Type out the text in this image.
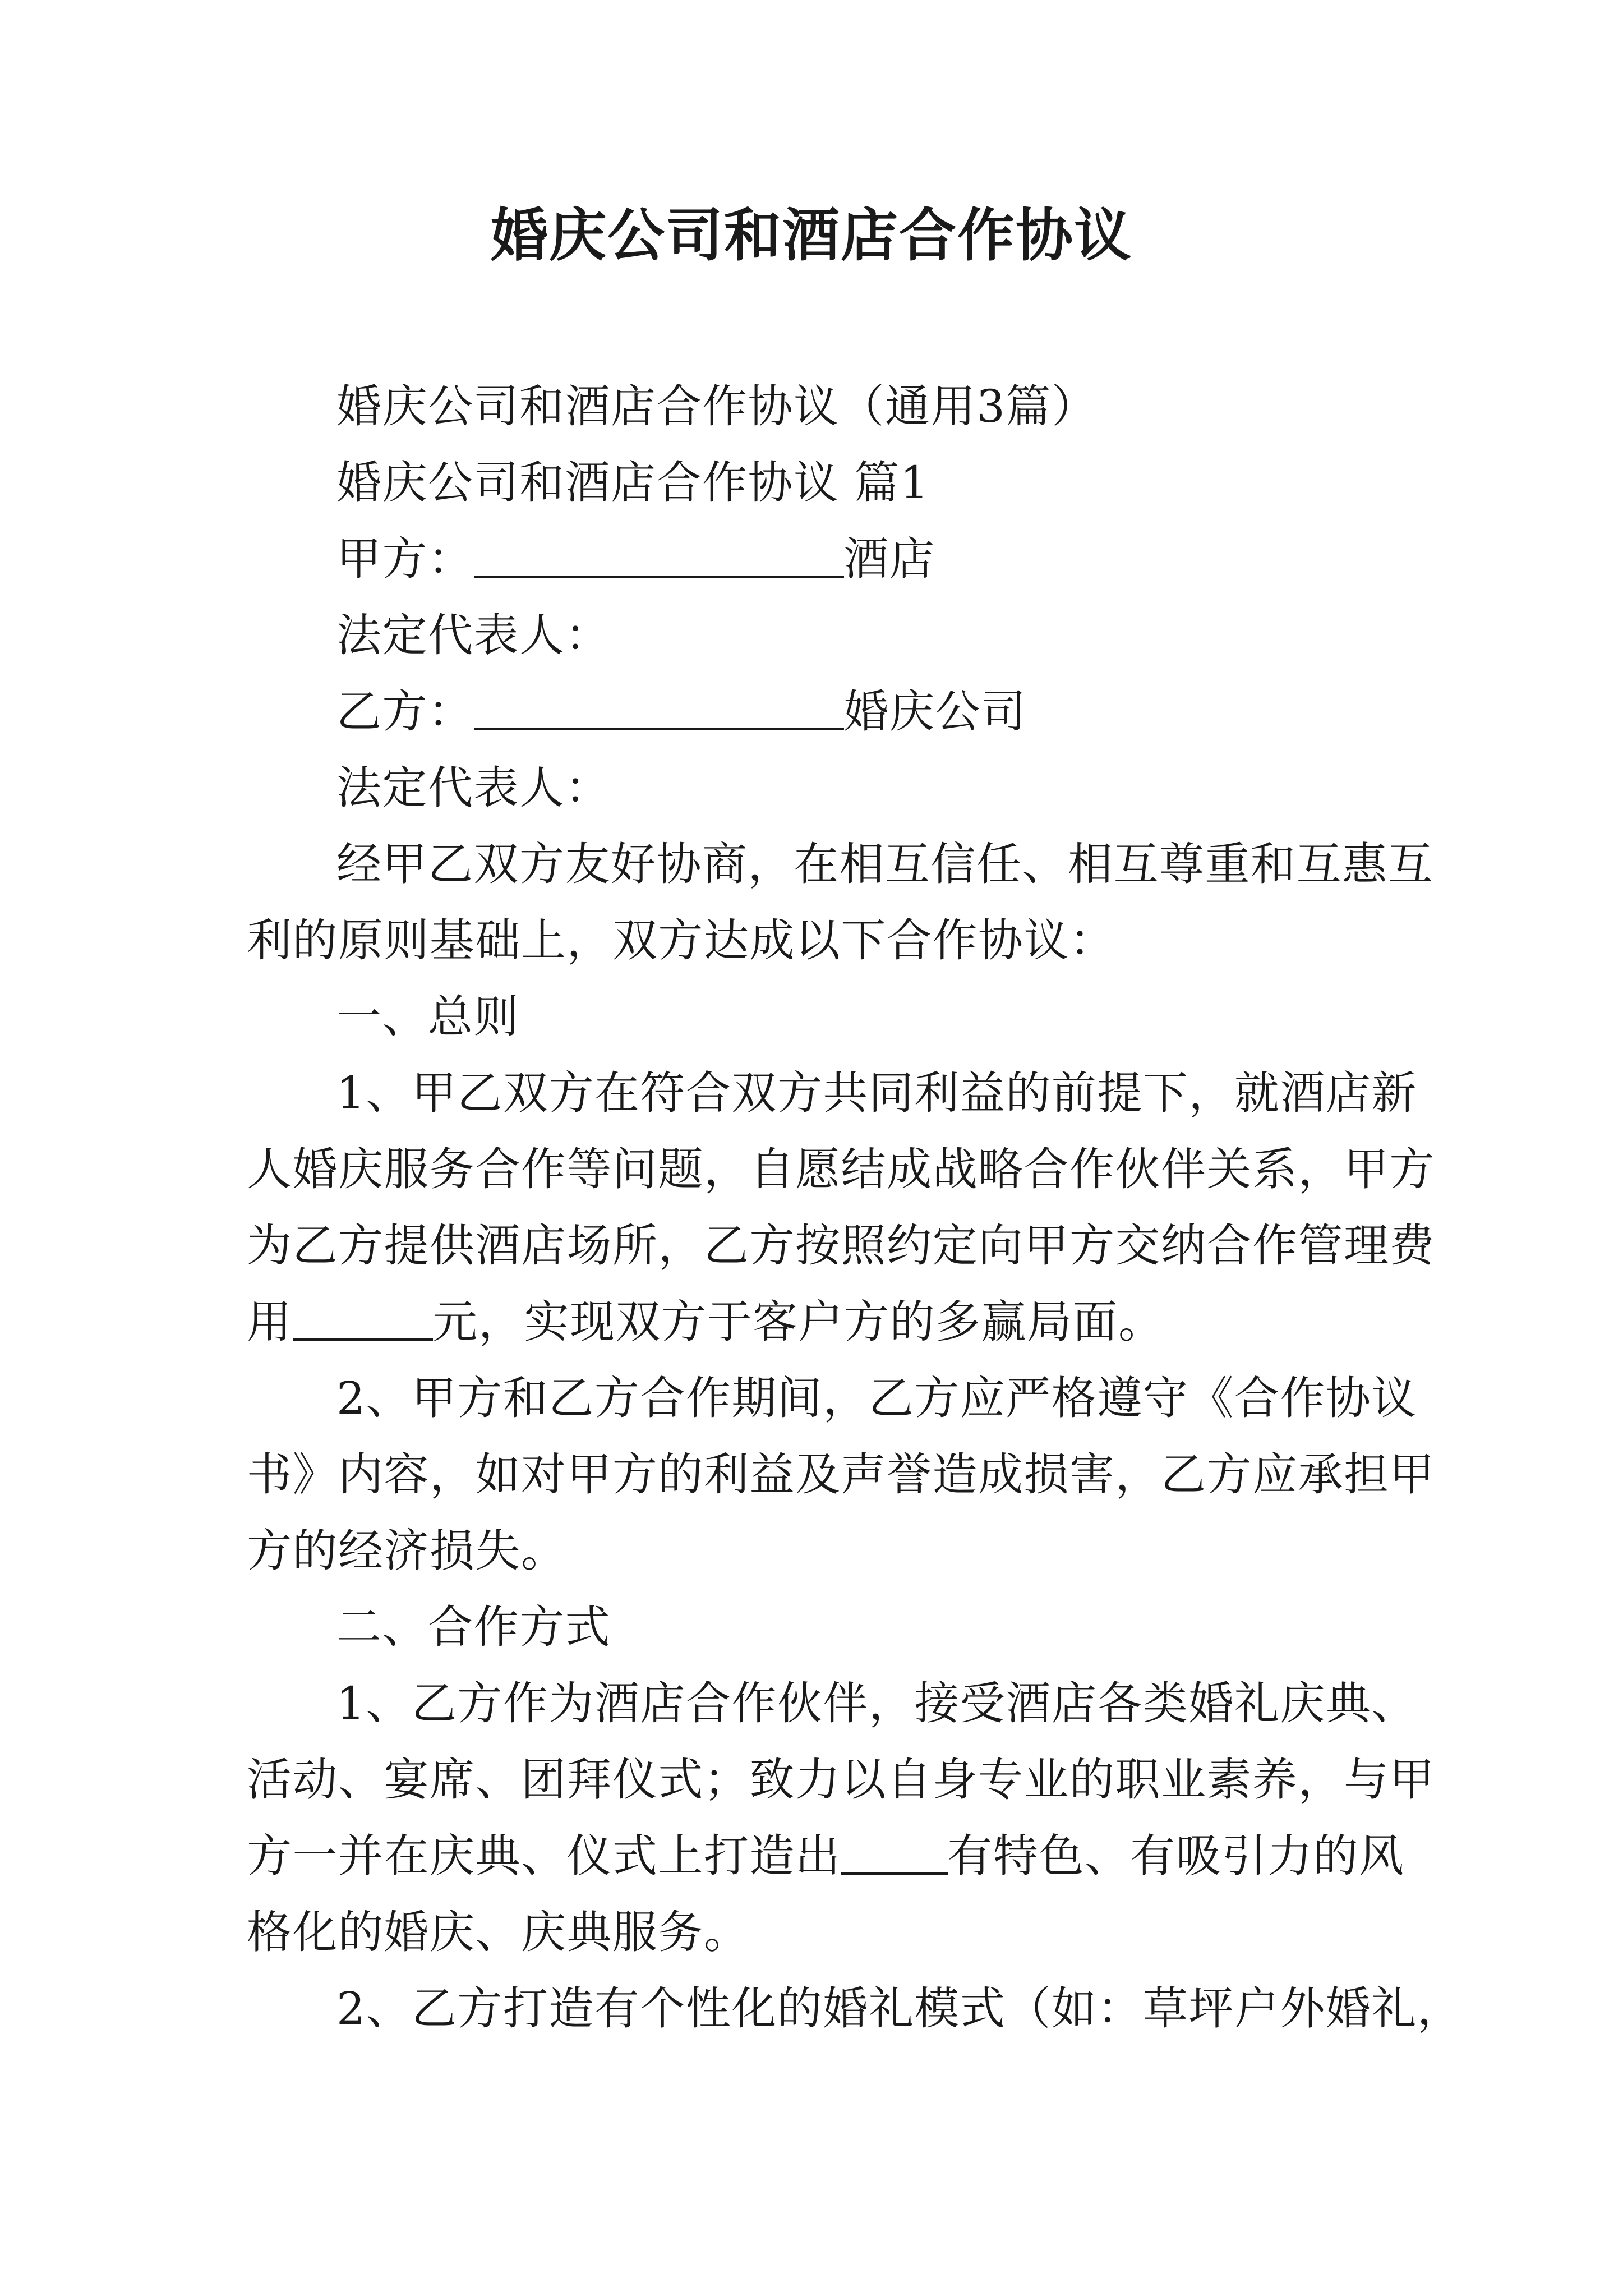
婚庆公司和酒店合作协议
婚庆公司和酒店合作协议（通用3篇）
婚庆公司和酒店合作协议 篇1
甲方：	酒店
法定代表人：
乙方：	婚庆公司
法定代表人：
经甲乙双方友好协商，在相互信任、相互尊重和互惠互
利的原则基础上，双方达成以下合作协议：
一、总则
1、甲乙双方在符合双方共同利益的前提下，就酒店新
人婚庆服务合作等问题，自愿结成战略合作伙伴关系，甲方
为乙方提供酒店场所，乙方按照约定向甲方交纳合作管理费
用	元，实现双方于客户方的多赢局面。
2、甲方和乙方合作期间，乙方应严格遵守《合作协议
书》内容，如对甲方的利益及声誉造成损害，乙方应承担甲
方的经济损失。
二、合作方式
1、乙方作为酒店合作伙伴，接受酒店各类婚礼庆典、
活动、宴席、团拜仪式；致力以自身专业的职业素养，与甲
方一并在庆典、仪式上打造出 有特色、有吸引力的风
格化的婚庆、庆典服务。
2、乙方打造有个性化的婚礼模式（如：草坪户外婚礼，
